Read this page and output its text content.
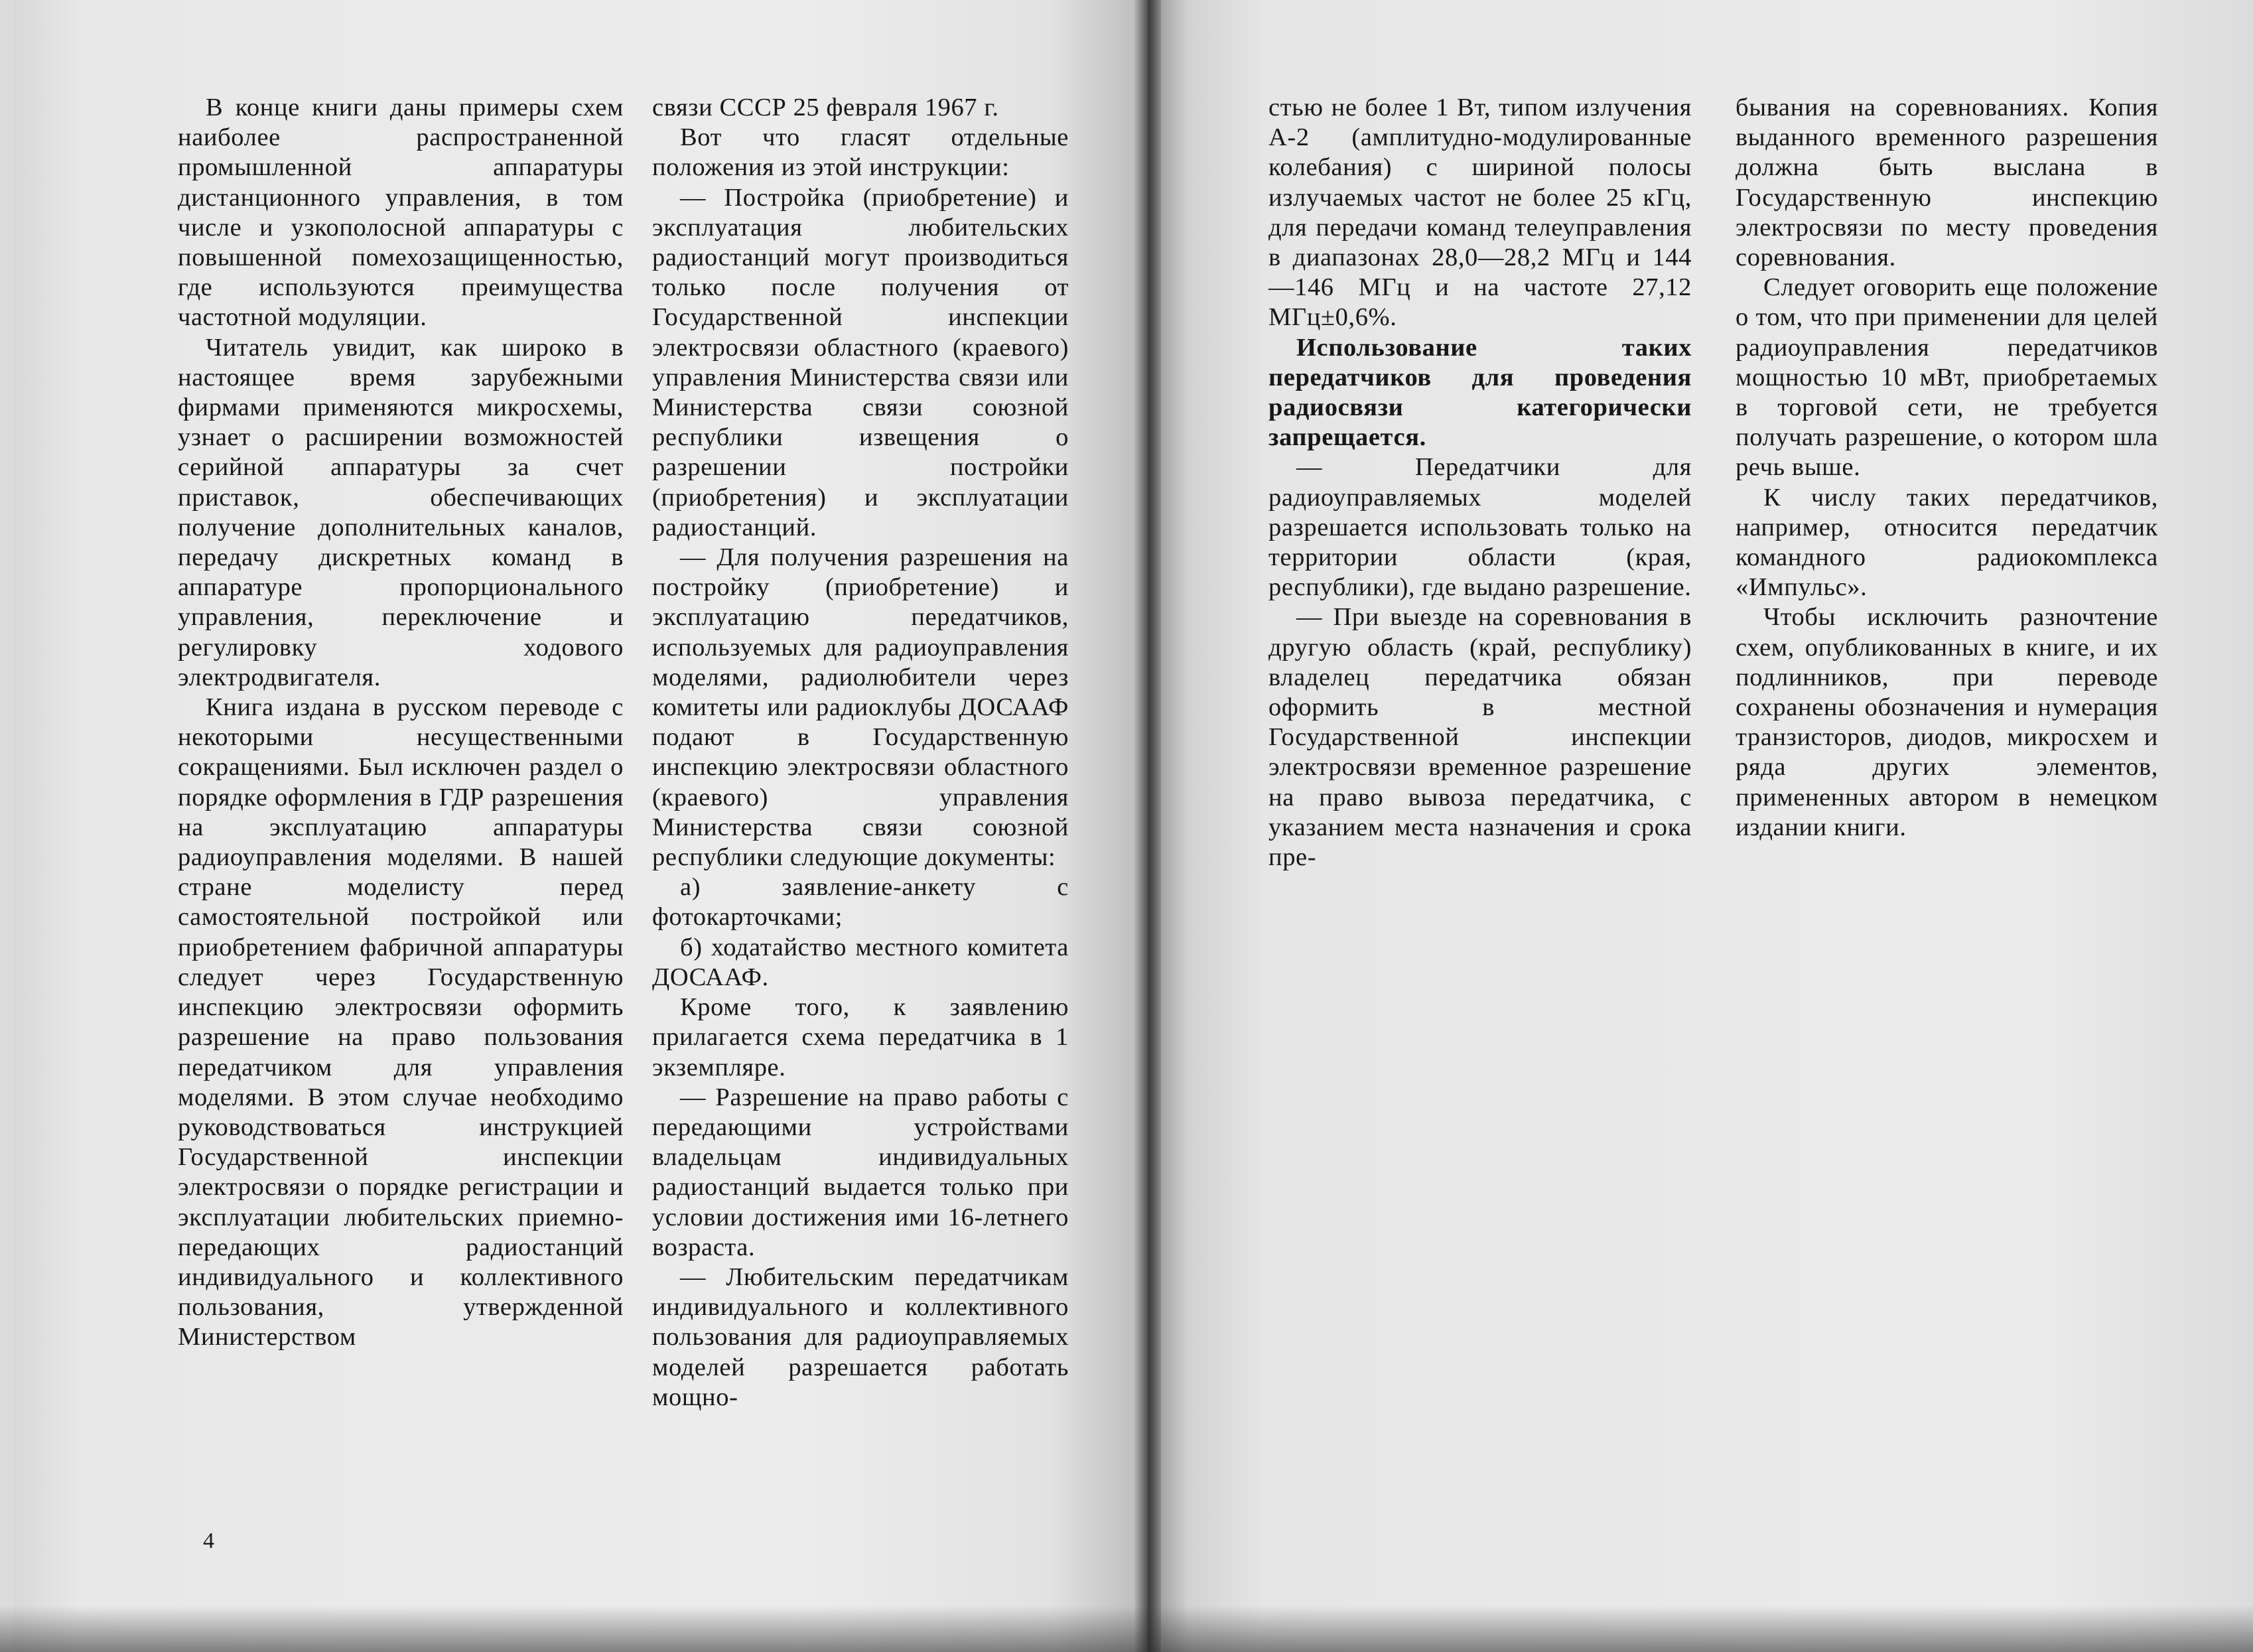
В конце книги даны примеры схем наиболее распространенной промышленной аппаратуры дистанционного управления, в том числе и узкополосной аппаратуры с повышенной помехозащищенностью, где используются преимущества частотной модуляции.

Читатель увидит, как широко в настоящее время зарубежными фирмами применяются микросхемы, узнает о расширении возможностей серийной аппаратуры за счет приставок, обеспечивающих получение дополнительных каналов, передачу дискретных команд в аппаратуре пропорционального управления, переключение и регулировку ходового электродвигателя.

Книга издана в русском переводе с некоторыми несущественными сокращениями. Был исключен раздел о порядке оформления в ГДР разрешения на эксплуатацию аппаратуры радиоуправления моделями. В нашей стране моделисту перед самостоятельной постройкой или приобретением фабричной аппаратуры следует через Государственную инспекцию электросвязи оформить разрешение на право пользования передатчиком для управления моделями. В этом случае необходимо руководствоваться инструкцией Государственной инспекции электросвязи о порядке регистрации и эксплуатации любительских приемно-передающих радиостанций индивидуального и коллективного пользования, утвержденной Министерством

связи СССР 25 февраля 1967 г.

Вот что гласят отдельные положения из этой инструкции:

— Постройка (приобретение) и эксплуатация любительских радиостанций могут производиться только после получения от Государственной инспекции электросвязи областного (краевого) управления Министерства связи или Министерства связи союзной республики извещения о разрешении постройки (приобретения) и эксплуатации радиостанций.

— Для получения разрешения на постройку (приобретение) и эксплуатацию передатчиков, используемых для радиоуправления моделями, радиолюбители через комитеты или радиоклубы ДОСААФ подают в Государственную инспекцию электросвязи областного (краевого) управления Министерства связи союзной республики следующие документы:

а) заявление-анкету с фотокарточками;

б) ходатайство местного комитета ДОСААФ.

Кроме того, к заявлению прилагается схема передатчика в 1 экземпляре.

— Разрешение на право работы с передающими устройствами владельцам индивидуальных радиостанций выдается только при условии достижения ими 16-летнего возраста.

— Любительским передатчикам индивидуального и коллективного пользования для радиоуправляемых моделей разрешается работать мощно-

4

стью не более 1 Вт, типом излучения А-2 (амплитудно-модулированные колебания) с шириной полосы излучаемых частот не более 25 кГц, для передачи команд телеуправления в диапазонах 28,0—28,2 МГц и 144—146 МГц и на частоте 27,12 МГц±0,6%.

Использование таких передатчиков для проведения радиосвязи категорически запрещается.

— Передатчики для радиоуправляемых моделей разрешается использовать только на территории области (края, республики), где выдано разрешение.

— При выезде на соревнования в другую область (край, республику) владелец передатчика обязан оформить в местной Государственной инспекции электросвязи временное разрешение на право вывоза передатчика, с указанием места назначения и срока пре-

бывания на соревнованиях. Копия выданного временного разрешения должна быть выслана в Государственную инспекцию электросвязи по месту проведения соревнования.

Следует оговорить еще положение о том, что при применении для целей радиоуправления передатчиков мощностью 10 мВт, приобретаемых в торговой сети, не требуется получать разрешение, о котором шла речь выше.

К числу таких передатчиков, например, относится передатчик командного радиокомплекса «Импульс».

Чтобы исключить разночтение схем, опубликованных в книге, и их подлинников, при переводе сохранены обозначения и нумерация транзисторов, диодов, микросхем и ряда других элементов, примененных автором в немецком издании книги.
